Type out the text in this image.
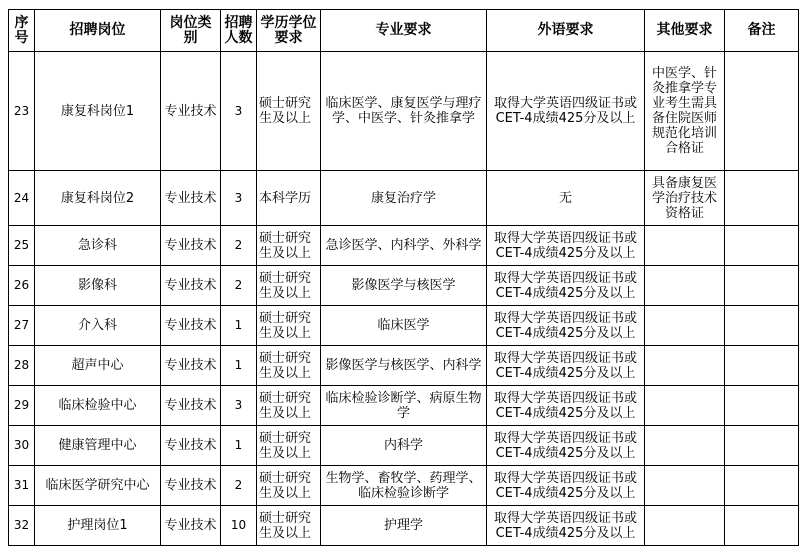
序号	招聘岗位	岗位类别	招聘人数	学历学位要求	专业要求	外语要求	其他要求	备注
23	康复科岗位1	专业技术	3	硕士研究生及以上	临床医学、康复医学与理疗学、中医学、针灸推拿学	取得大学英语四级证书或CET-4成绩425分及以上	中医学、针灸推拿学专业考生需具备住院医师规范化培训合格证	
24	康复科岗位2	专业技术	3	本科学历	康复治疗学	无	具备康复医学治疗技术资格证	
25	急诊科	专业技术	2	硕士研究生及以上	急诊医学、内科学、外科学	取得大学英语四级证书或CET-4成绩425分及以上		
26	影像科	专业技术	2	硕士研究生及以上	影像医学与核医学	取得大学英语四级证书或CET-4成绩425分及以上		
27	介入科	专业技术	1	硕士研究生及以上	临床医学	取得大学英语四级证书或CET-4成绩425分及以上		
28	超声中心	专业技术	1	硕士研究生及以上	影像医学与核医学、内科学	取得大学英语四级证书或CET-4成绩425分及以上		
29	临床检验中心	专业技术	3	硕士研究生及以上	临床检验诊断学、病原生物学	取得大学英语四级证书或CET-4成绩425分及以上		
30	健康管理中心	专业技术	1	硕士研究生及以上	内科学	取得大学英语四级证书或CET-4成绩425分及以上		
31	临床医学研究中心	专业技术	2	硕士研究生及以上	生物学、畜牧学、药理学、临床检验诊断学	取得大学英语四级证书或CET-4成绩425分及以上		
32	护理岗位1	专业技术	10	硕士研究生及以上	护理学	取得大学英语四级证书或CET-4成绩425分及以上		
